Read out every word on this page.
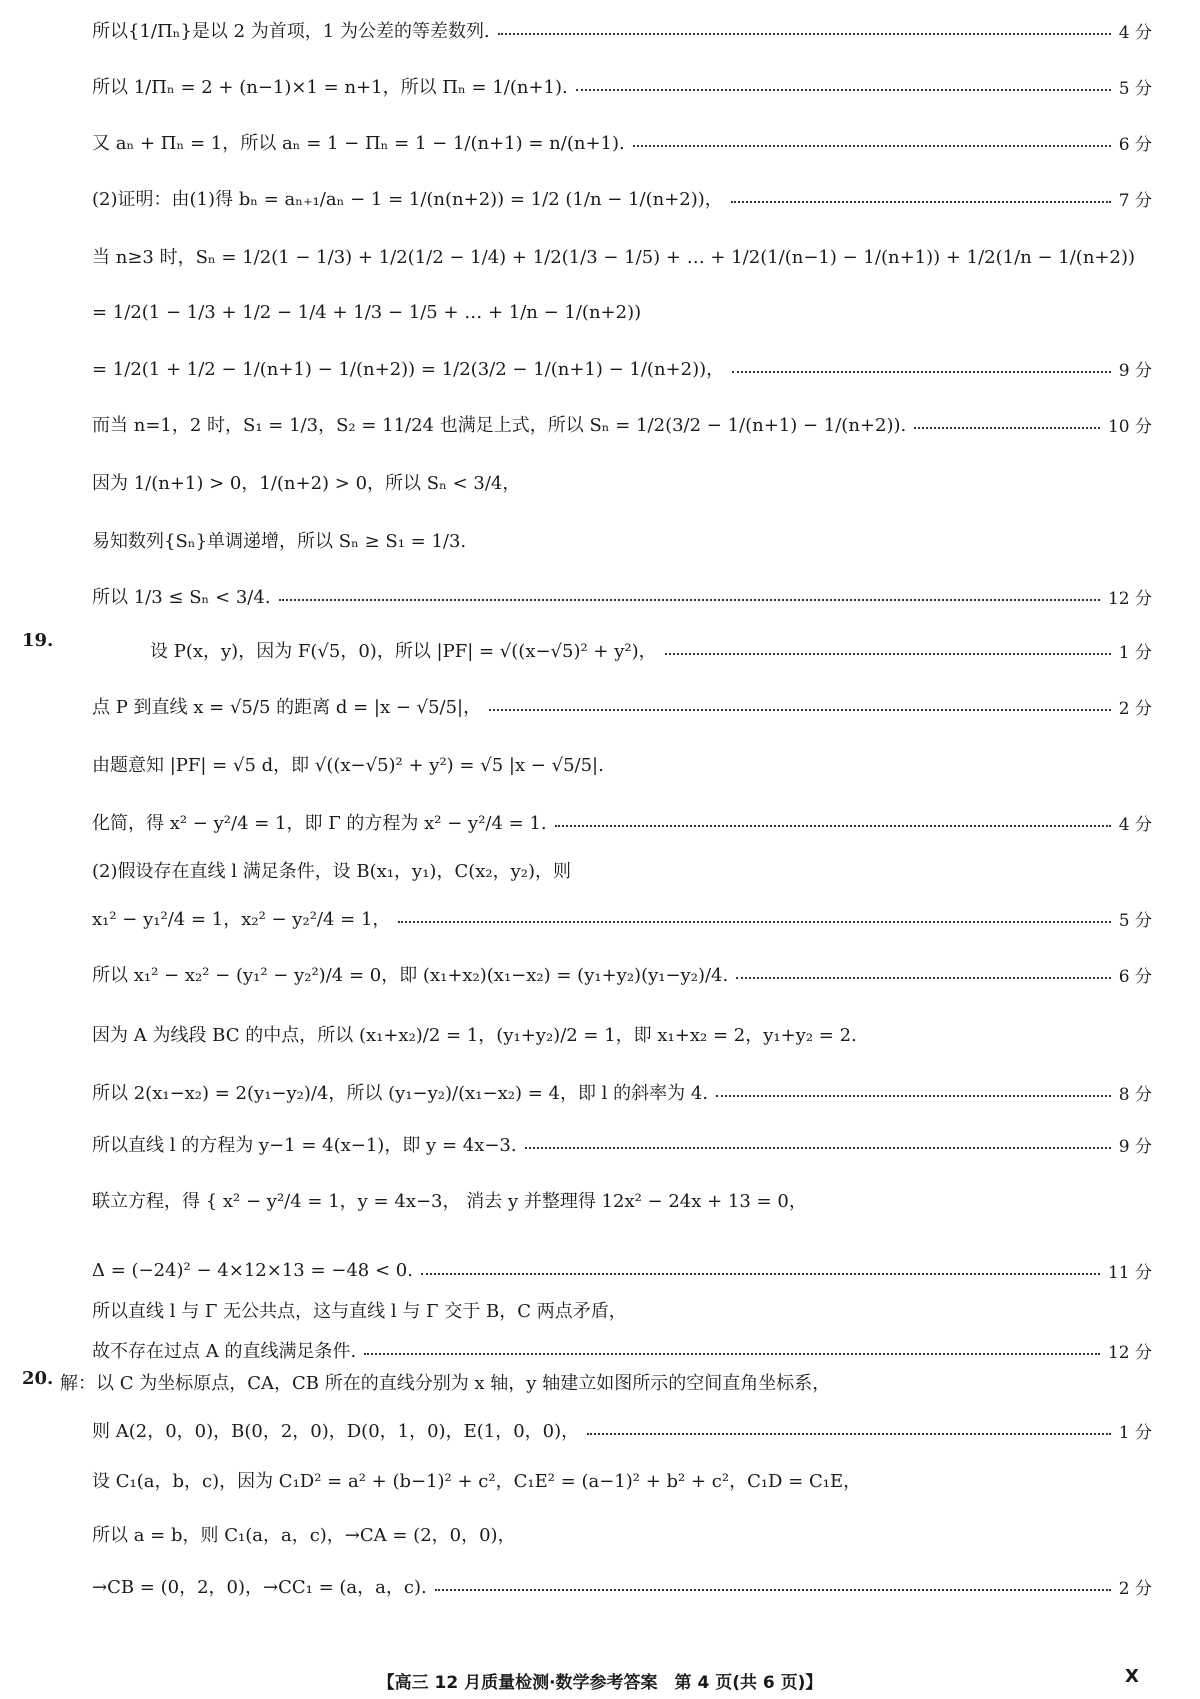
所以{1/Πₙ}是以 2 为首项，1 为公差的等差数列.	4 分
所以 1/Πₙ = 2 + (n−1)×1 = n+1，所以 Πₙ = 1/(n+1).	5 分
又 aₙ + Πₙ = 1，所以 aₙ = 1 − Πₙ = 1 − 1/(n+1) = n/(n+1).	6 分
(2)证明：由(1)得 bₙ = aₙ₊₁/aₙ − 1 = 1/(n(n+2)) = 1/2 (1/n − 1/(n+2))，	7 分
当 n≥3 时，Sₙ = 1/2(1 − 1/3) + 1/2(1/2 − 1/4) + 1/2(1/3 − 1/5) + … + 1/2(1/(n−1) − 1/(n+1)) + 1/2(1/n − 1/(n+2))
= 1/2(1 − 1/3 + 1/2 − 1/4 + 1/3 − 1/5 + … + 1/n − 1/(n+2))
= 1/2(1 + 1/2 − 1/(n+1) − 1/(n+2)) = 1/2(3/2 − 1/(n+1) − 1/(n+2))，	9 分
而当 n=1，2 时，S₁ = 1/3，S₂ = 11/24 也满足上式，所以 Sₙ = 1/2(3/2 − 1/(n+1) − 1/(n+2)).	10 分
因为 1/(n+1) > 0，1/(n+2) > 0，所以 Sₙ < 3/4，
易知数列{Sₙ}单调递增，所以 Sₙ ≥ S₁ = 1/3.
所以 1/3 ≤ Sₙ < 3/4.	12 分
19.
设 P(x，y)，因为 F(√5，0)，所以 |PF| = √((x−√5)² + y²)，	1 分
点 P 到直线 x = √5/5 的距离 d = |x − √5/5|，	2 分
由题意知 |PF| = √5 d，即 √((x−√5)² + y²) = √5 |x − √5/5|.
化简，得 x² − y²/4 = 1，即 Γ 的方程为 x² − y²/4 = 1.	4 分
(2)假设存在直线 l 满足条件，设 B(x₁，y₁)，C(x₂，y₂)，则
x₁² − y₁²/4 = 1，x₂² − y₂²/4 = 1，	5 分
所以 x₁² − x₂² − (y₁² − y₂²)/4 = 0，即 (x₁+x₂)(x₁−x₂) = (y₁+y₂)(y₁−y₂)/4.	6 分
因为 A 为线段 BC 的中点，所以 (x₁+x₂)/2 = 1，(y₁+y₂)/2 = 1，即 x₁+x₂ = 2，y₁+y₂ = 2.
所以 2(x₁−x₂) = 2(y₁−y₂)/4，所以 (y₁−y₂)/(x₁−x₂) = 4，即 l 的斜率为 4.	8 分
所以直线 l 的方程为 y−1 = 4(x−1)，即 y = 4x−3.	9 分
联立方程，得 { x² − y²/4 = 1，y = 4x−3， 消去 y 并整理得 12x² − 24x + 13 = 0，
Δ = (−24)² − 4×12×13 = −48 < 0.	11 分
所以直线 l 与 Γ 无公共点，这与直线 l 与 Γ 交于 B，C 两点矛盾，
故不存在过点 A 的直线满足条件.	12 分
20. 解：以 C 为坐标原点，CA，CB 所在的直线分别为 x 轴，y 轴建立如图所示的空间直角坐标系，
则 A(2，0，0)，B(0，2，0)，D(0，1，0)，E(1，0，0)，	1 分
设 C₁(a，b，c)，因为 C₁D² = a² + (b−1)² + c²，C₁E² = (a−1)² + b² + c²，C₁D = C₁E，
所以 a = b，则 C₁(a，a，c)，→CA = (2，0，0)，
→CB = (0，2，0)，→CC₁ = (a，a，c).	2 分
【高三 12 月质量检测·数学参考答案　第 4 页(共 6 页)】	X
